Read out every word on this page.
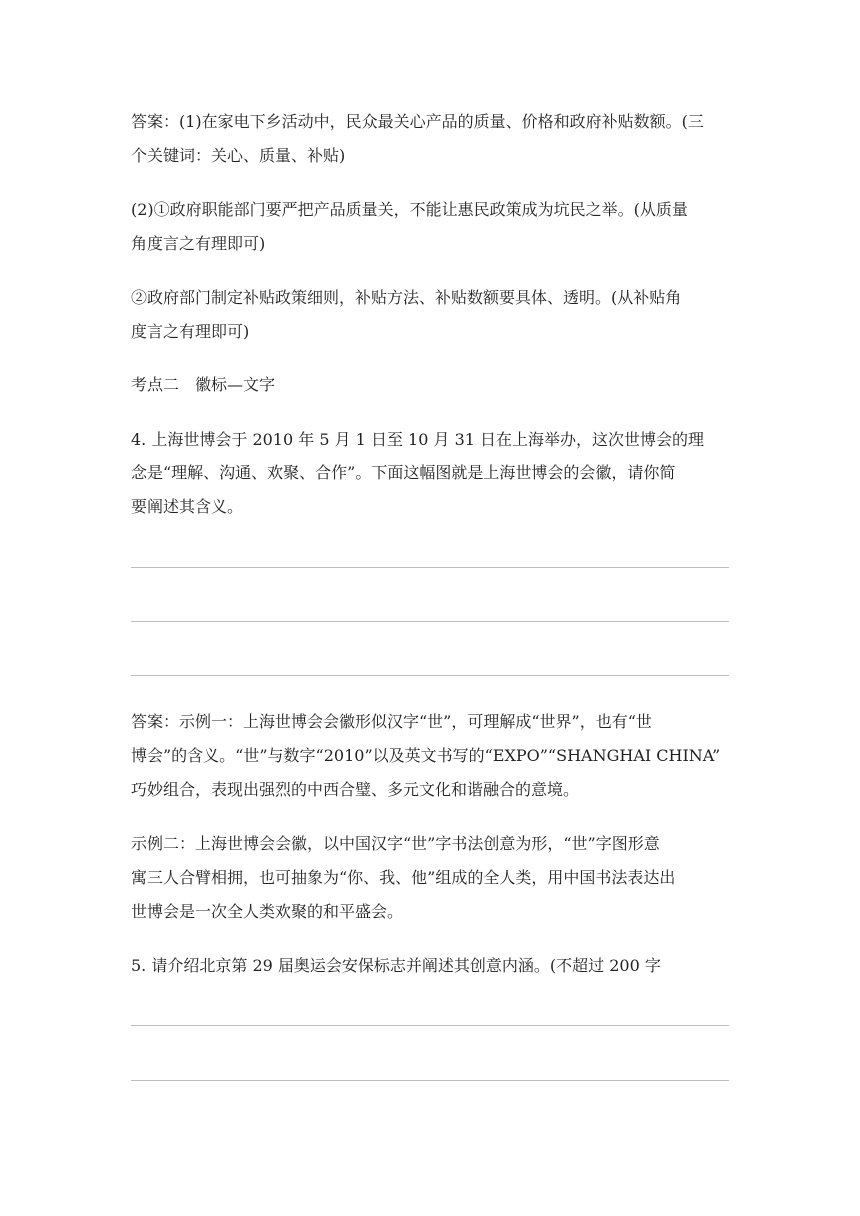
答案：(1)在家电下乡活动中，民众最关心产品的质量、价格和政府补贴数额。(三
个关键词：关心、质量、补贴)
(2)①政府职能部门要严把产品质量关，不能让惠民政策成为坑民之举。(从质量
角度言之有理即可)
②政府部门制定补贴政策细则，补贴方法、补贴数额要具体、透明。(从补贴角
度言之有理即可)
考点二　徽标—文字
4. 上海世博会于 2010 年 5 月 1 日至 10 月 31 日在上海举办，这次世博会的理
念是“理解、沟通、欢聚、合作”。下面这幅图就是上海世博会的会徽，请你简
要阐述其含义。
答案：示例一：上海世博会会徽形似汉字“世”，可理解成“世界”，也有“世
博会”的含义。“世”与数字“2010”以及英文书写的“EXPO”“SHANGHAI CHINA”
巧妙组合，表现出强烈的中西合璧、多元文化和谐融合的意境。
示例二：上海世博会会徽，以中国汉字“世”字书法创意为形，“世”字图形意
寓三人合臂相拥，也可抽象为“你、我、他”组成的全人类，用中国书法表达出
世博会是一次全人类欢聚的和平盛会。
5. 请介绍北京第 29 届奥运会安保标志并阐述其创意内涵。(不超过 200 字
